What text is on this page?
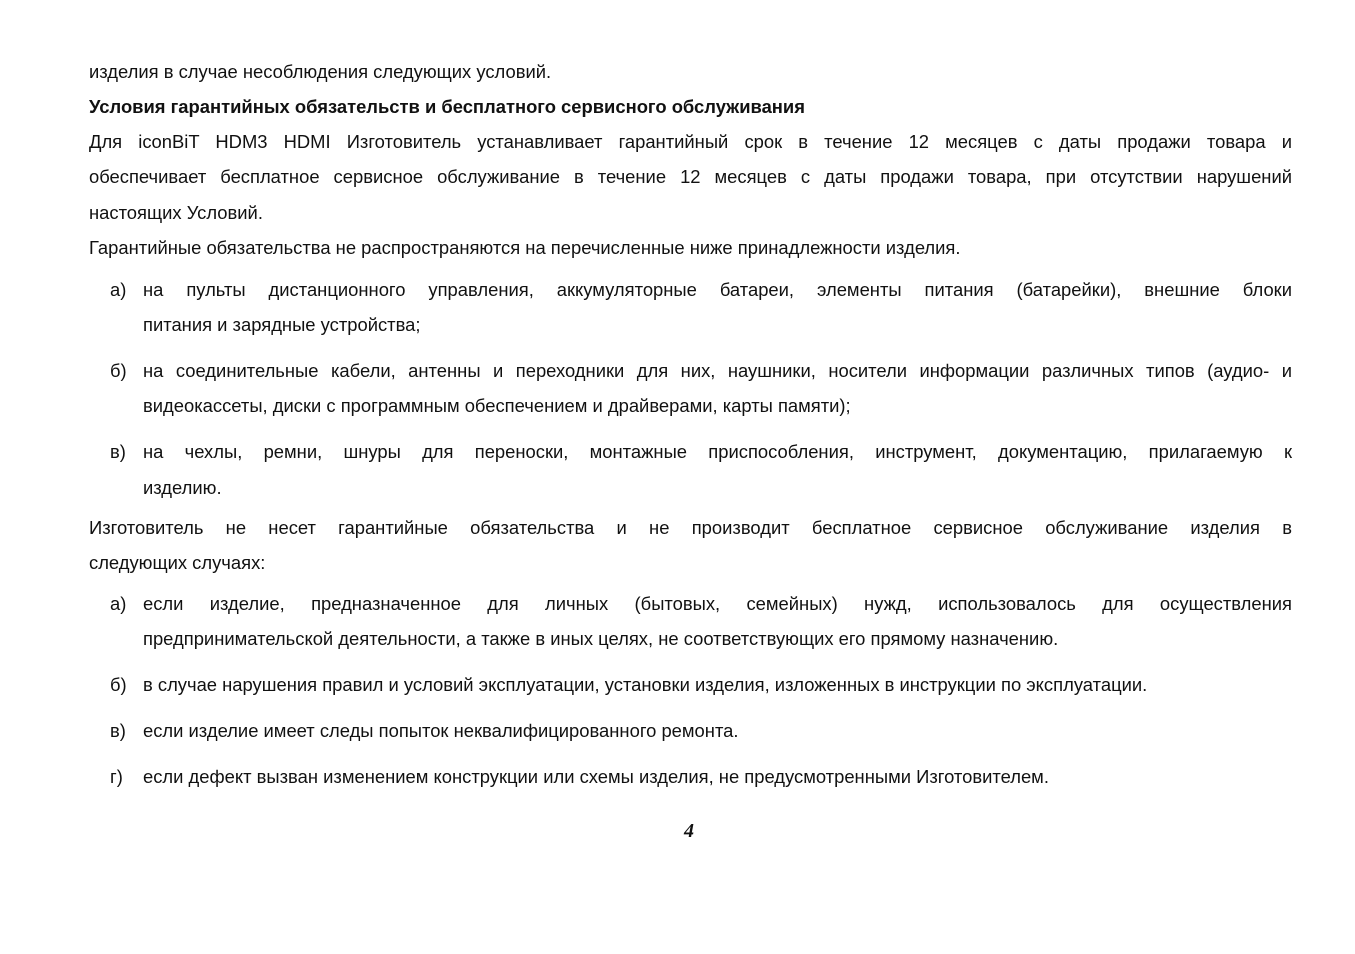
изделия в случае несоблюдения следующих условий.
Условия гарантийных обязательств и бесплатного сервисного обслуживания
Для iconBiT HDM3 HDMI Изготовитель устанавливает гарантийный срок в течение 12 месяцев с даты продажи товара и
обеспечивает бесплатное сервисное обслуживание в течение 12 месяцев с даты продажи товара, при отсутствии нарушений
настоящих Условий.
Гарантийные обязательства не распространяются на перечисленные ниже принадлежности изделия.
а) на пульты дистанционного управления, аккумуляторные батареи, элементы питания (батарейки), внешние блоки
питания и зарядные устройства;
б) на соединительные кабели, антенны и переходники для них, наушники, носители информации различных типов (аудио- и
видеокассеты, диски с программным обеспечением и драйверами, карты памяти);
в) на чехлы, ремни, шнуры для переноски, монтажные приспособления, инструмент, документацию, прилагаемую к
изделию.
Изготовитель не несет гарантийные обязательства и не производит бесплатное сервисное обслуживание изделия в
следующих случаях:
а) если изделие, предназначенное для личных (бытовых, семейных) нужд, использовалось для осуществления
предпринимательской деятельности, а также в иных целях, не соответствующих его прямому назначению.
б) в случае нарушения правил и условий эксплуатации, установки изделия, изложенных в инструкции по эксплуатации.
в) если изделие имеет следы попыток неквалифицированного ремонта.
г) если дефект вызван изменением конструкции или схемы изделия, не предусмотренными Изготовителем.
4
